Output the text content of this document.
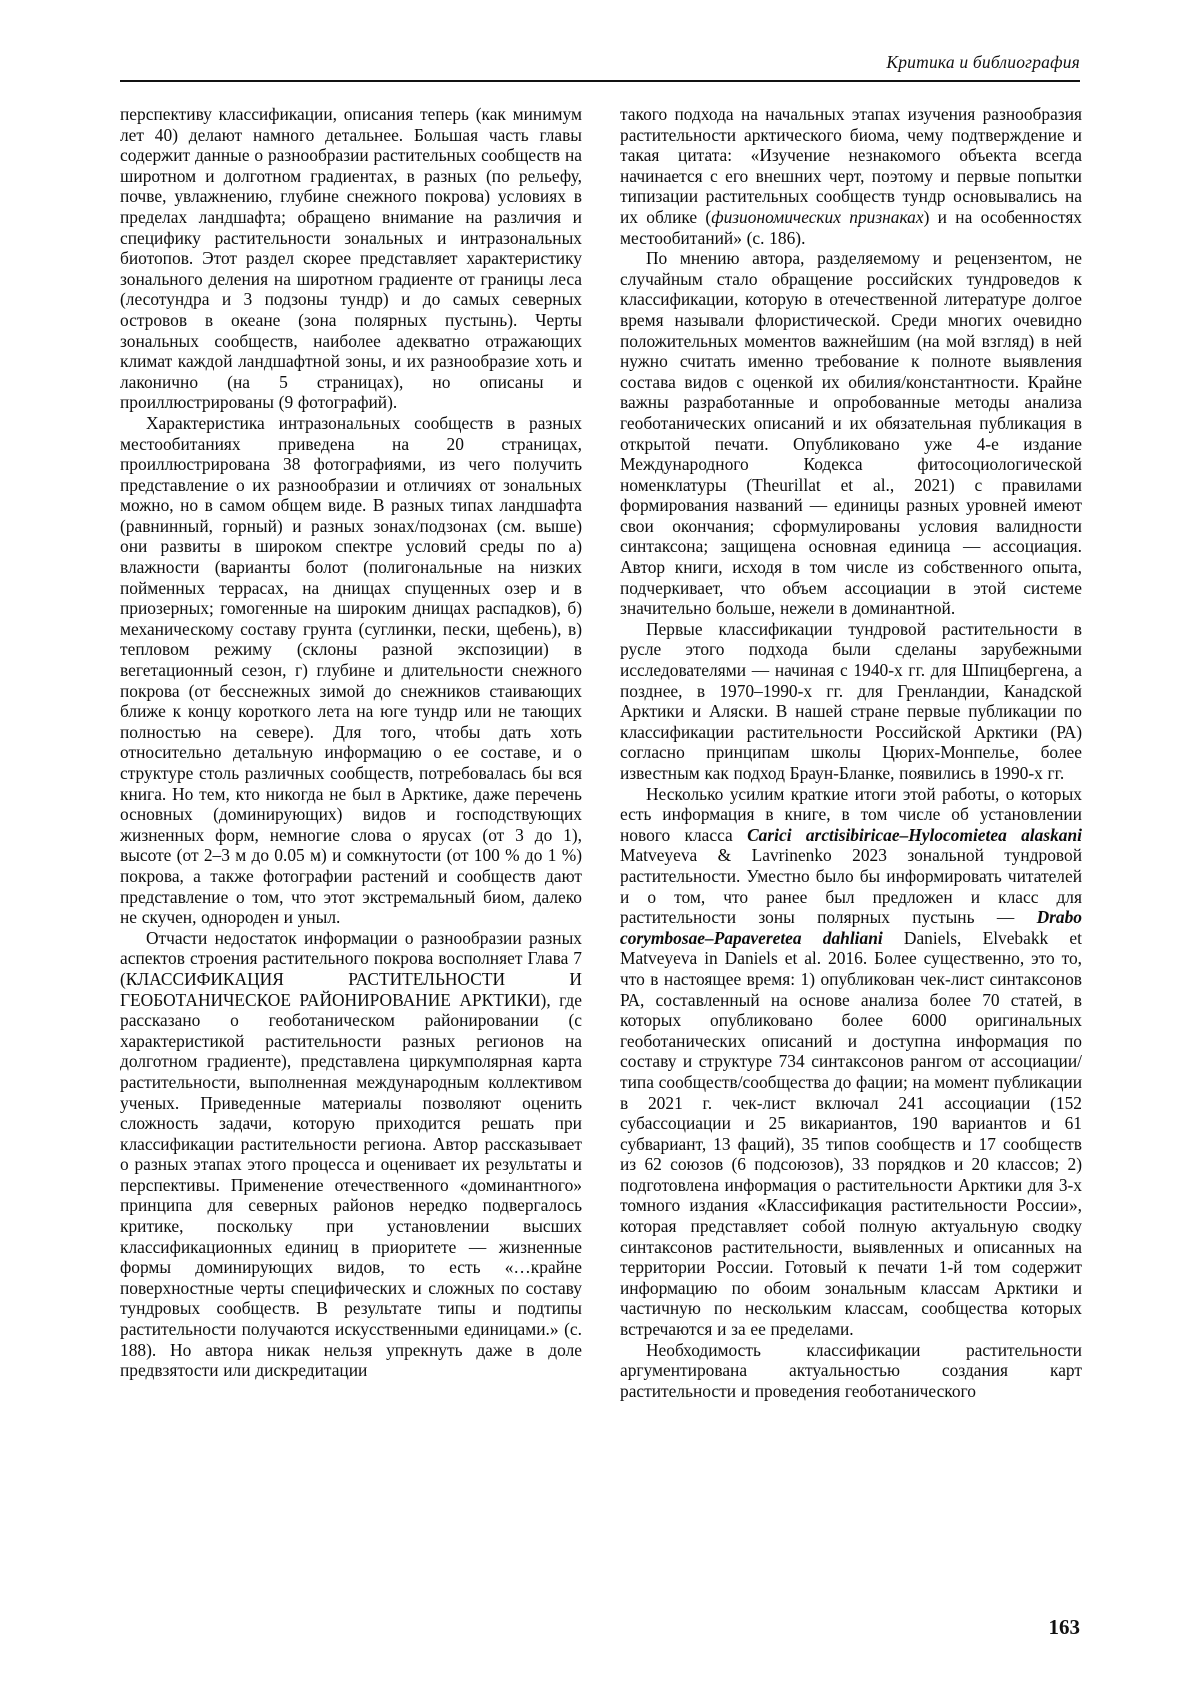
Критика и библиография

перспективу классификации, описания теперь (как минимум лет 40) делают намного детальнее. Большая часть главы содержит данные о разнообразии растительных сообществ на широтном и долготном градиентах, в разных (по рельефу, почве, увлажнению, глубине снежного покрова) условиях в пределах ландшафта; обращено внимание на различия и специфику растительности зональных и интразональных биотопов. Этот раздел скорее представляет характеристику зонального деления на широтном градиенте от границы леса (лесотундра и 3 подзоны тундр) и до самых северных островов в океане (зона полярных пустынь). Черты зональных сообществ, наиболее адекватно отражающих климат каждой ландшафтной зоны, и их разнообразие хоть и лаконично (на 5 страницах), но описаны и проиллюстрированы (9 фотографий).

Характеристика интразональных сообществ в разных местообитаниях приведена на 20 страницах, проиллюстрирована 38 фотографиями, из чего получить представление о их разнообразии и отличиях от зональных можно, но в самом общем виде. В разных типах ландшафта (равнинный, горный) и разных зонах/подзонах (см. выше) они развиты в широком спектре условий среды по а) влажности (варианты болот (полигональные на низких пойменных террасах, на днищах спущенных озер и в приозерных; гомогенные на широким днищах распадков), б) механическому составу грунта (суглинки, пески, щебень), в) тепловом режиму (склоны разной экспозиции) в вегетационный сезон, г) глубине и длительности снежного покрова (от бесснежных зимой до снежников стаивающих ближе к концу короткого лета на юге тундр или не тающих полностью на севере). Для того, чтобы дать хоть относительно детальную информацию о ее составе, и о структуре столь различных сообществ, потребовалась бы вся книга. Но тем, кто никогда не был в Арктике, даже перечень основных (доминирующих) видов и господствующих жизненных форм, немногие слова о ярусах (от 3 до 1), высоте (от 2–3 м до 0.05 м) и сомкнутости (от 100 % до 1 %) покрова, а также фотографии растений и сообществ дают представление о том, что этот экстремальный биом, далеко не скучен, однороден и уныл.

Отчасти недостаток информации о разнообразии разных аспектов строения растительного покрова восполняет Глава 7 (КЛАССИФИКАЦИЯ РАСТИТЕЛЬНОСТИ И ГЕОБОТАНИЧЕСКОЕ РАЙОНИРОВАНИЕ АРКТИКИ), где рассказано о геоботаническом районировании (с характеристикой растительности разных регионов на долготном градиенте), представлена циркумполярная карта растительности, выполненная международным коллективом ученых. Приведенные материалы позволяют оценить сложность задачи, которую приходится решать при классификации растительности региона. Автор рассказывает о разных этапах этого процесса и оценивает их результаты и перспективы. Применение отечественного «доминантного» принципа для северных районов нередко подвергалось критике, поскольку при установлении высших классификационных единиц в приоритете — жизненные формы доминирующих видов, то есть «…крайне поверхностные черты специфических и сложных по составу тундровых сообществ. В результате типы и подтипы растительности получаются искусственными единицами.» (с. 188). Но автора никак нельзя упрекнуть даже в доле предвзятости или дискредитации

такого подхода на начальных этапах изучения разнообразия растительности арктического биома, чему подтверждение и такая цитата: «Изучение незнакомого объекта всегда начинается с его внешних черт, поэтому и первые попытки типизации растительных сообществ тундр основывались на их облике (физиономических признаках) и на особенностях местообитаний» (с. 186).

По мнению автора, разделяемому и рецензентом, не случайным стало обращение российских тундроведов к классификации, которую в отечественной литературе долгое время называли флористической. Среди многих очевидно положительных моментов важнейшим (на мой взгляд) в ней нужно считать именно требование к полноте выявления состава видов с оценкой их обилия/константности. Крайне важны разработанные и опробованные методы анализа геоботанических описаний и их обязательная публикация в открытой печати. Опубликовано уже 4-е издание Международного Кодекса фитосоциологической номенклатуры (Theurillat et al., 2021) с правилами формирования названий — единицы разных уровней имеют свои окончания; сформулированы условия валидности синтаксона; защищена основная единица — ассоциация. Автор книги, исходя в том числе из собственного опыта, подчеркивает, что объем ассоциации в этой системе значительно больше, нежели в доминантной.

Первые классификации тундровой растительности в русле этого подхода были сделаны зарубежными исследователями — начиная с 1940-х гг. для Шпицбергена, а позднее, в 1970–1990-х гг. для Гренландии, Канадской Арктики и Аляски. В нашей стране первые публикации по классификации растительности Российской Арктики (РА) согласно принципам школы Цюрих-Монпелье, более известным как подход Браун-Бланке, появились в 1990-х гг.

Несколько усилим краткие итоги этой работы, о которых есть информация в книге, в том числе об установлении нового класса Carici arctisibiricae–Hylocomietea alaskani Matveyeva & Lavrinenko 2023 зональной тундровой растительности. Уместно было бы информировать читателей и о том, что ранее был предложен и класс для растительности зоны полярных пустынь — Drabo corymbosae–Papaveretea dahliani Daniels, Elvebakk et Matveyeva in Daniels et al. 2016. Более существенно, это то, что в настоящее время: 1) опубликован чек-лист синтаксонов РА, составленный на основе анализа более 70 статей, в которых опубликовано более 6000 оригинальных геоботанических описаний и доступна информация по составу и структуре 734 синтаксонов рангом от ассоциации/типа сообществ/сообщества до фации; на момент публикации в 2021 г. чек-лист включал 241 ассоциации (152 субассоциации и 25 викариантов, 190 вариантов и 61 субвариант, 13 фаций), 35 типов сообществ и 17 сообществ из 62 союзов (6 подсоюзов), 33 порядков и 20 классов; 2) подготовлена информация о растительности Арктики для 3-х томного издания «Классификация растительности России», которая представляет собой полную актуальную сводку синтаксонов растительности, выявленных и описанных на территории России. Готовый к печати 1-й том содержит информацию по обоим зональным классам Арктики и частичную по нескольким классам, сообщества которых встречаются и за ее пределами.

Необходимость классификации растительности аргументирована актуальностью создания карт растительности и проведения геоботанического

163
